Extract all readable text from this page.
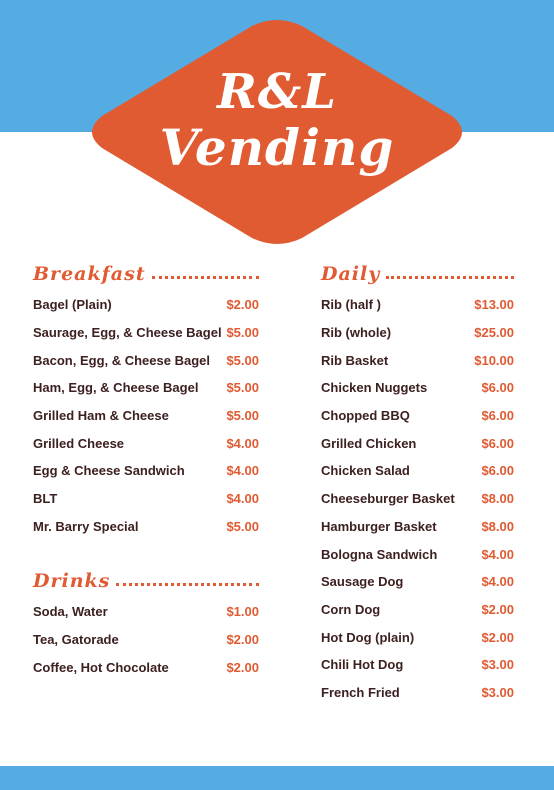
R&L
Vending
Breakfast
Bagel (Plain)	$2.00
Saurage, Egg, & Cheese Bagel $5.00
Bacon, Egg, & Cheese Bagel $5.00
Ham, Egg, & Cheese Bagel $5.00
Grilled Ham & Cheese	$5.00
Grilled Cheese	$4.00
Egg & Cheese Sandwich	$4.00
BLT	$4.00
Mr. Barry Special	$5.00
Drinks
Soda, Water	$1.00
Tea, Gatorade	$2.00
Coffee, Hot Chocolate	$2.00
Daily
Rib (half )	$13.00
Rib (whole)	$25.00
Rib Basket	$10.00
Chicken Nuggets	$6.00
Chopped BBQ	$6.00
Grilled Chicken	$6.00
Chicken Salad	$6.00
Cheeseburger Basket $8.00
Hamburger Basket	$8.00
Bologna Sandwich	$4.00
Sausage Dog	$4.00
Corn Dog	$2.00
Hot Dog (plain)	$2.00
Chili Hot Dog	$3.00
French Fried	$3.00
